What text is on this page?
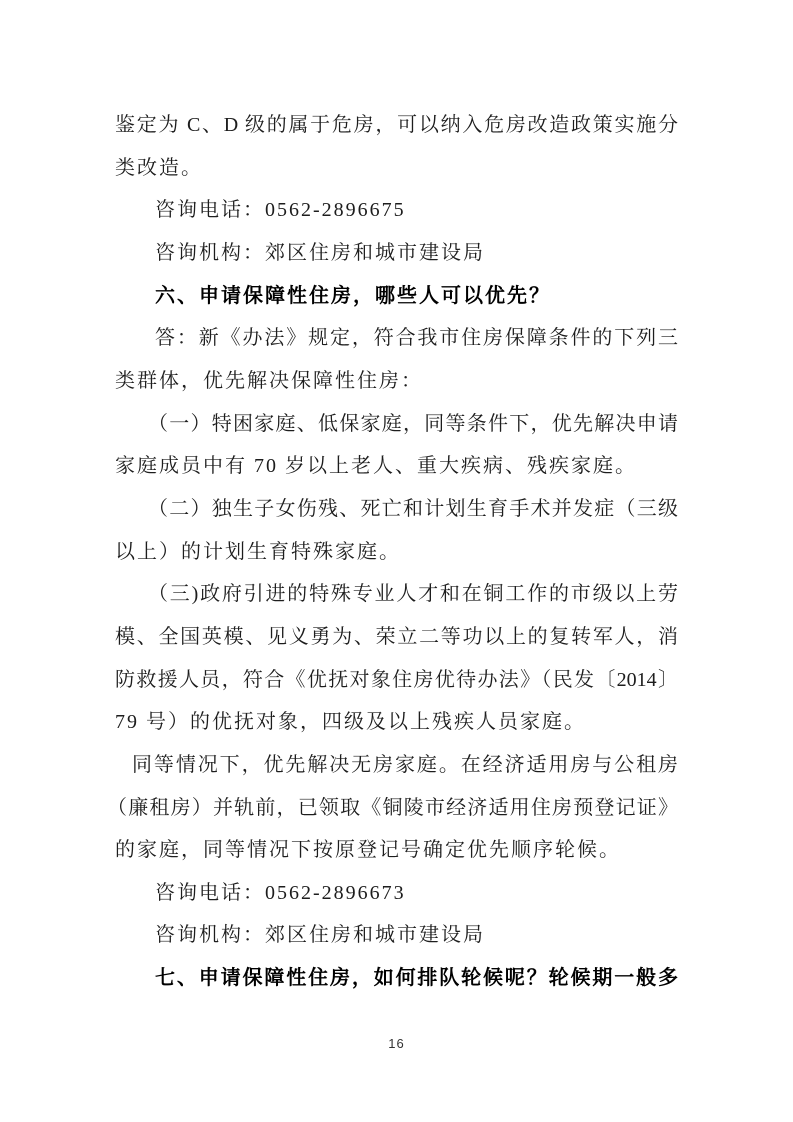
鉴定为 C、D 级的属于危房，可以纳入危房改造政策实施分
类改造。
咨询电话：0562-2896675
咨询机构：郊区住房和城市建设局
六、申请保障性住房，哪些人可以优先？
答：新《办法》规定，符合我市住房保障条件的下列三
类群体，优先解决保障性住房：
（一）特困家庭、低保家庭，同等条件下，优先解决申请
家庭成员中有 70 岁以上老人、重大疾病、残疾家庭。
（二）独生子女伤残、死亡和计划生育手术并发症（三级
以上）的计划生育特殊家庭。
（三)政府引进的特殊专业人才和在铜工作的市级以上劳
模、全国英模、见义勇为、荣立二等功以上的复转军人，消
防救援人员，符合《优抚对象住房优待办法》（民发〔2014〕
79 号）的优抚对象，四级及以上残疾人员家庭。
同等情况下，优先解决无房家庭。在经济适用房与公租房
（廉租房）并轨前，已领取《铜陵市经济适用住房预登记证》
的家庭，同等情况下按原登记号确定优先顺序轮候。
咨询电话：0562-2896673
咨询机构：郊区住房和城市建设局
七、申请保障性住房，如何排队轮候呢？轮候期一般多
16
